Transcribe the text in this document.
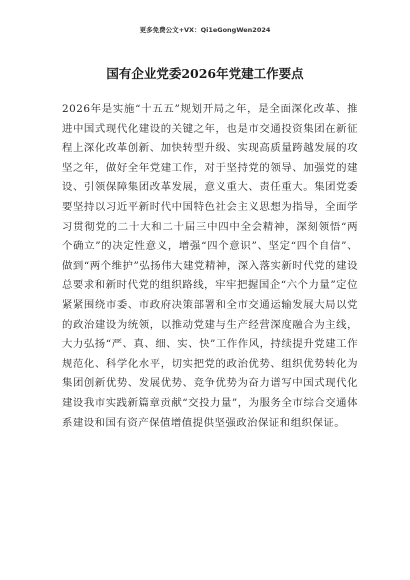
更多免费公文+VX：Qi1eGongWen2024
国有企业党委2026年党建工作要点

2026年是实施“十五五”规划开局之年，是全面深化改革、推进中国式现代化建设的关键之年，也是市交通投资集团在新征程上深化改革创新、加快转型升级、实现高质量跨越发展的攻坚之年，做好全年党建工作，对于坚持党的领导、加强党的建设、引领保障集团改革发展，意义重大、责任重大。集团党委要坚持以习近平新时代中国特色社会主义思想为指导，全面学习贯彻党的二十大和二十届三中四中全会精神，深刻领悟“两个确立”的决定性意义，增强“四个意识”、坚定“四个自信”、做到“两个维护”弘扬伟大建党精神，深入落实新时代党的建设总要求和新时代党的组织路线，牢牢把握国企“六个力量”定位紧紧围绕市委、市政府决策部署和全市交通运输发展大局以党的政治建设为统领，以推动党建与生产经营深度融合为主线，大力弘扬“严、真、细、实、快”工作作风，持续提升党建工作规范化、科学化水平，切实把党的政治优势、组织优势转化为集团创新优势、发展优势、竞争优势为奋力谱写中国式现代化建设我市实践新篇章贡献“交投力量”，为服务全市综合交通体系建设和国有资产保值增值提供坚强政治保证和组织保证。
